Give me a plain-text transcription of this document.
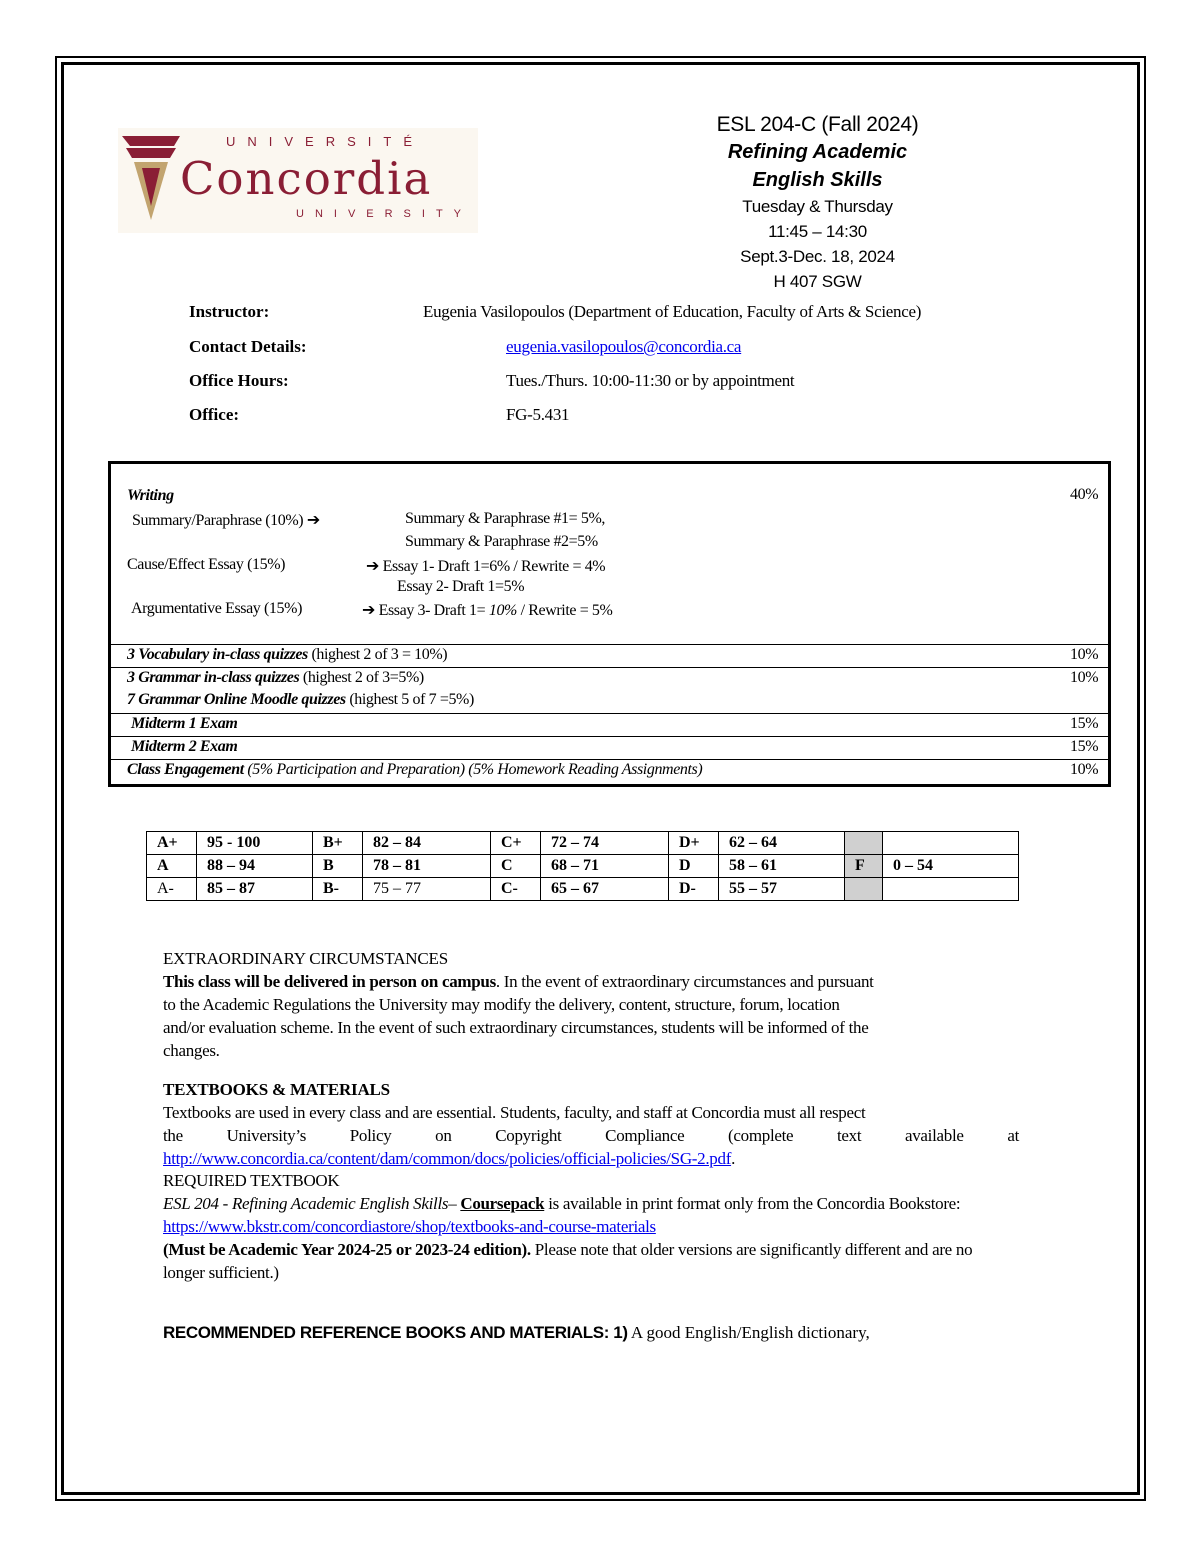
UNIVERSITÉ
Concordia
UNIVERSITY
ESL 204-C (Fall 2024)
Refining Academic
English Skills
Tuesday & Thursday
11:45 – 14:30
Sept.3-Dec. 18, 2024
H 407 SGW
Instructor:	Eugenia Vasilopoulos (Department of Education, Faculty of Arts & Science)
Contact Details:	eugenia.vasilopoulos@concordia.ca
Office Hours:	Tues./Thurs. 10:00-11:30 or by appointment
Office:	FG-5.431
Writing	40%
Summary/Paraphrase (10%) ➔	Summary & Paraphrase #1= 5%,
Summary & Paraphrase #2=5%
Cause/Effect Essay (15%)	➔ Essay 1- Draft 1=6% / Rewrite = 4%
Essay 2- Draft 1=5%
Argumentative Essay (15%)	➔ Essay 3- Draft 1= 10% / Rewrite = 5%
3 Vocabulary in-class quizzes (highest 2 of 3 = 10%)	10%
3 Grammar in-class quizzes (highest 2 of 3=5%)	10%
7 Grammar Online Moodle quizzes (highest 5 of 7 =5%)
Midterm 1 Exam	15%
Midterm 2 Exam	15%
Class Engagement (5% Participation and Preparation) (5% Homework Reading Assignments)	10%
A+	95 - 100	B+	82 – 84	C+	72 – 74	D+	62 – 64		
A	88 – 94	B	78 – 81	C	68 – 71	D	58 – 61	F	0 – 54
A-	85 – 87	B-	75 – 77	C-	65 – 67	D-	55 – 57		
EXTRAORDINARY CIRCUMSTANCES
This class will be delivered in person on campus. In the event of extraordinary circumstances and pursuant
to the Academic Regulations the University may modify the delivery, content, structure, forum, location
and/or evaluation scheme. In the event of such extraordinary circumstances, students will be informed of the
changes.
TEXTBOOKS & MATERIALS
Textbooks are used in every class and are essential. Students, faculty, and staff at Concordia must all respect
the University’s Policy on Copyright Compliance (complete text available at
http://www.concordia.ca/content/dam/common/docs/policies/official-policies/SG-2.pdf.
REQUIRED TEXTBOOK
ESL 204 - Refining Academic English Skills– Coursepack is available in print format only from the Concordia Bookstore:
https://www.bkstr.com/concordiastore/shop/textbooks-and-course-materials
(Must be Academic Year 2024-25 or 2023-24 edition). Please note that older versions are significantly different and are no
longer sufficient.)
RECOMMENDED REFERENCE BOOKS AND MATERIALS: 1) A good English/English dictionary,
